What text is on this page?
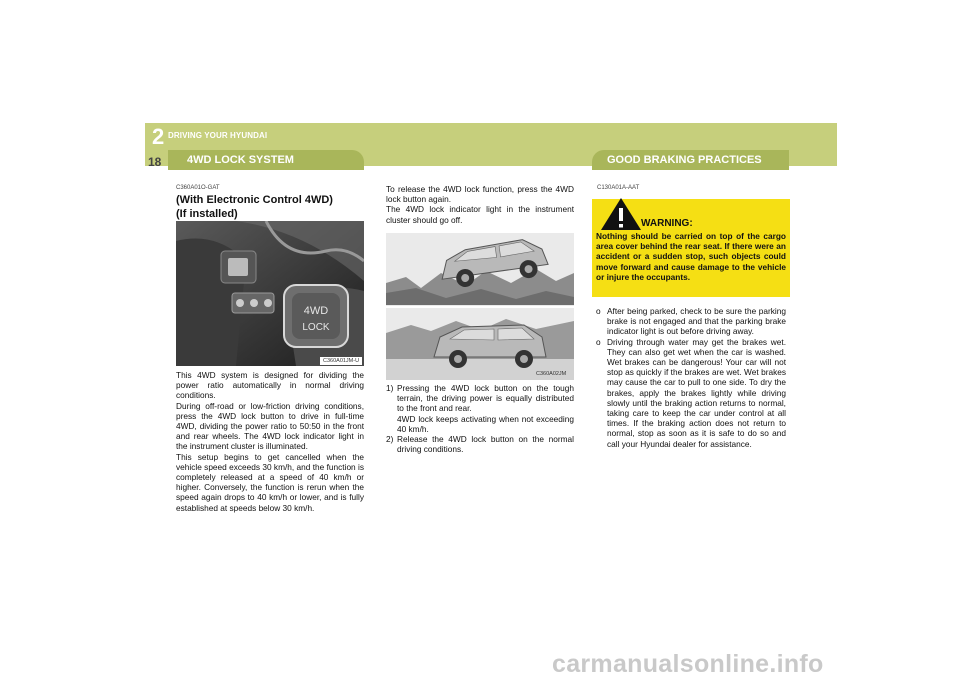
2 DRIVING YOUR HYUNDAI
18 4WD LOCK SYSTEM	GOOD BRAKING PRACTICES
C360A01O-GAT
(With Electronic Control 4WD)
(If installed)
4WD
LOCK
C360A01JM-U
This 4WD system is designed for dividing the power ratio automatically in normal driving conditions.
During off-road or low-friction driving conditions, press the 4WD lock button to drive in full-time 4WD, dividing the power ratio to 50:50 in the front and rear wheels. The 4WD lock indicator light in the instrument cluster is illuminated.
This setup begins to get cancelled when the vehicle speed exceeds 30 km/h, and the function is completely released at a speed of 40 km/h or higher. Conversely, the function is rerun when the speed again drops to 40 km/h or lower, and is fully established at speeds below 30 km/h.
To release the 4WD lock function, press the 4WD lock button again.
The 4WD lock indicator light in the instrument cluster should go off.
C360A02JM
1) Pressing the 4WD lock button on the tough terrain, the driving power is equally distributed to the front and rear.
4WD lock keeps activating when not exceeding 40 km/h.
2) Release the 4WD lock button on the normal driving conditions.
C130A01A-AAT
WARNING:
Nothing should be carried on top of the cargo area cover behind the rear seat. If there were an accident or a sudden stop, such objects could move forward and cause damage to the vehicle or injure the occupants.
o After being parked, check to be sure the parking brake is not engaged and that the parking brake indicator light is out before driving away.
o Driving through water may get the brakes wet. They can also get wet when the car is washed. Wet brakes can be dangerous! Your car will not stop as quickly if the brakes are wet. Wet brakes may cause the car to pull to one side. To dry the brakes, apply the brakes lightly while driving slowly until the braking action returns to normal, taking care to keep the car under control at all times. If the braking action does not return to normal, stop as soon as it is safe to do so and call your Hyundai dealer for assistance.
carmanualsonline.info
